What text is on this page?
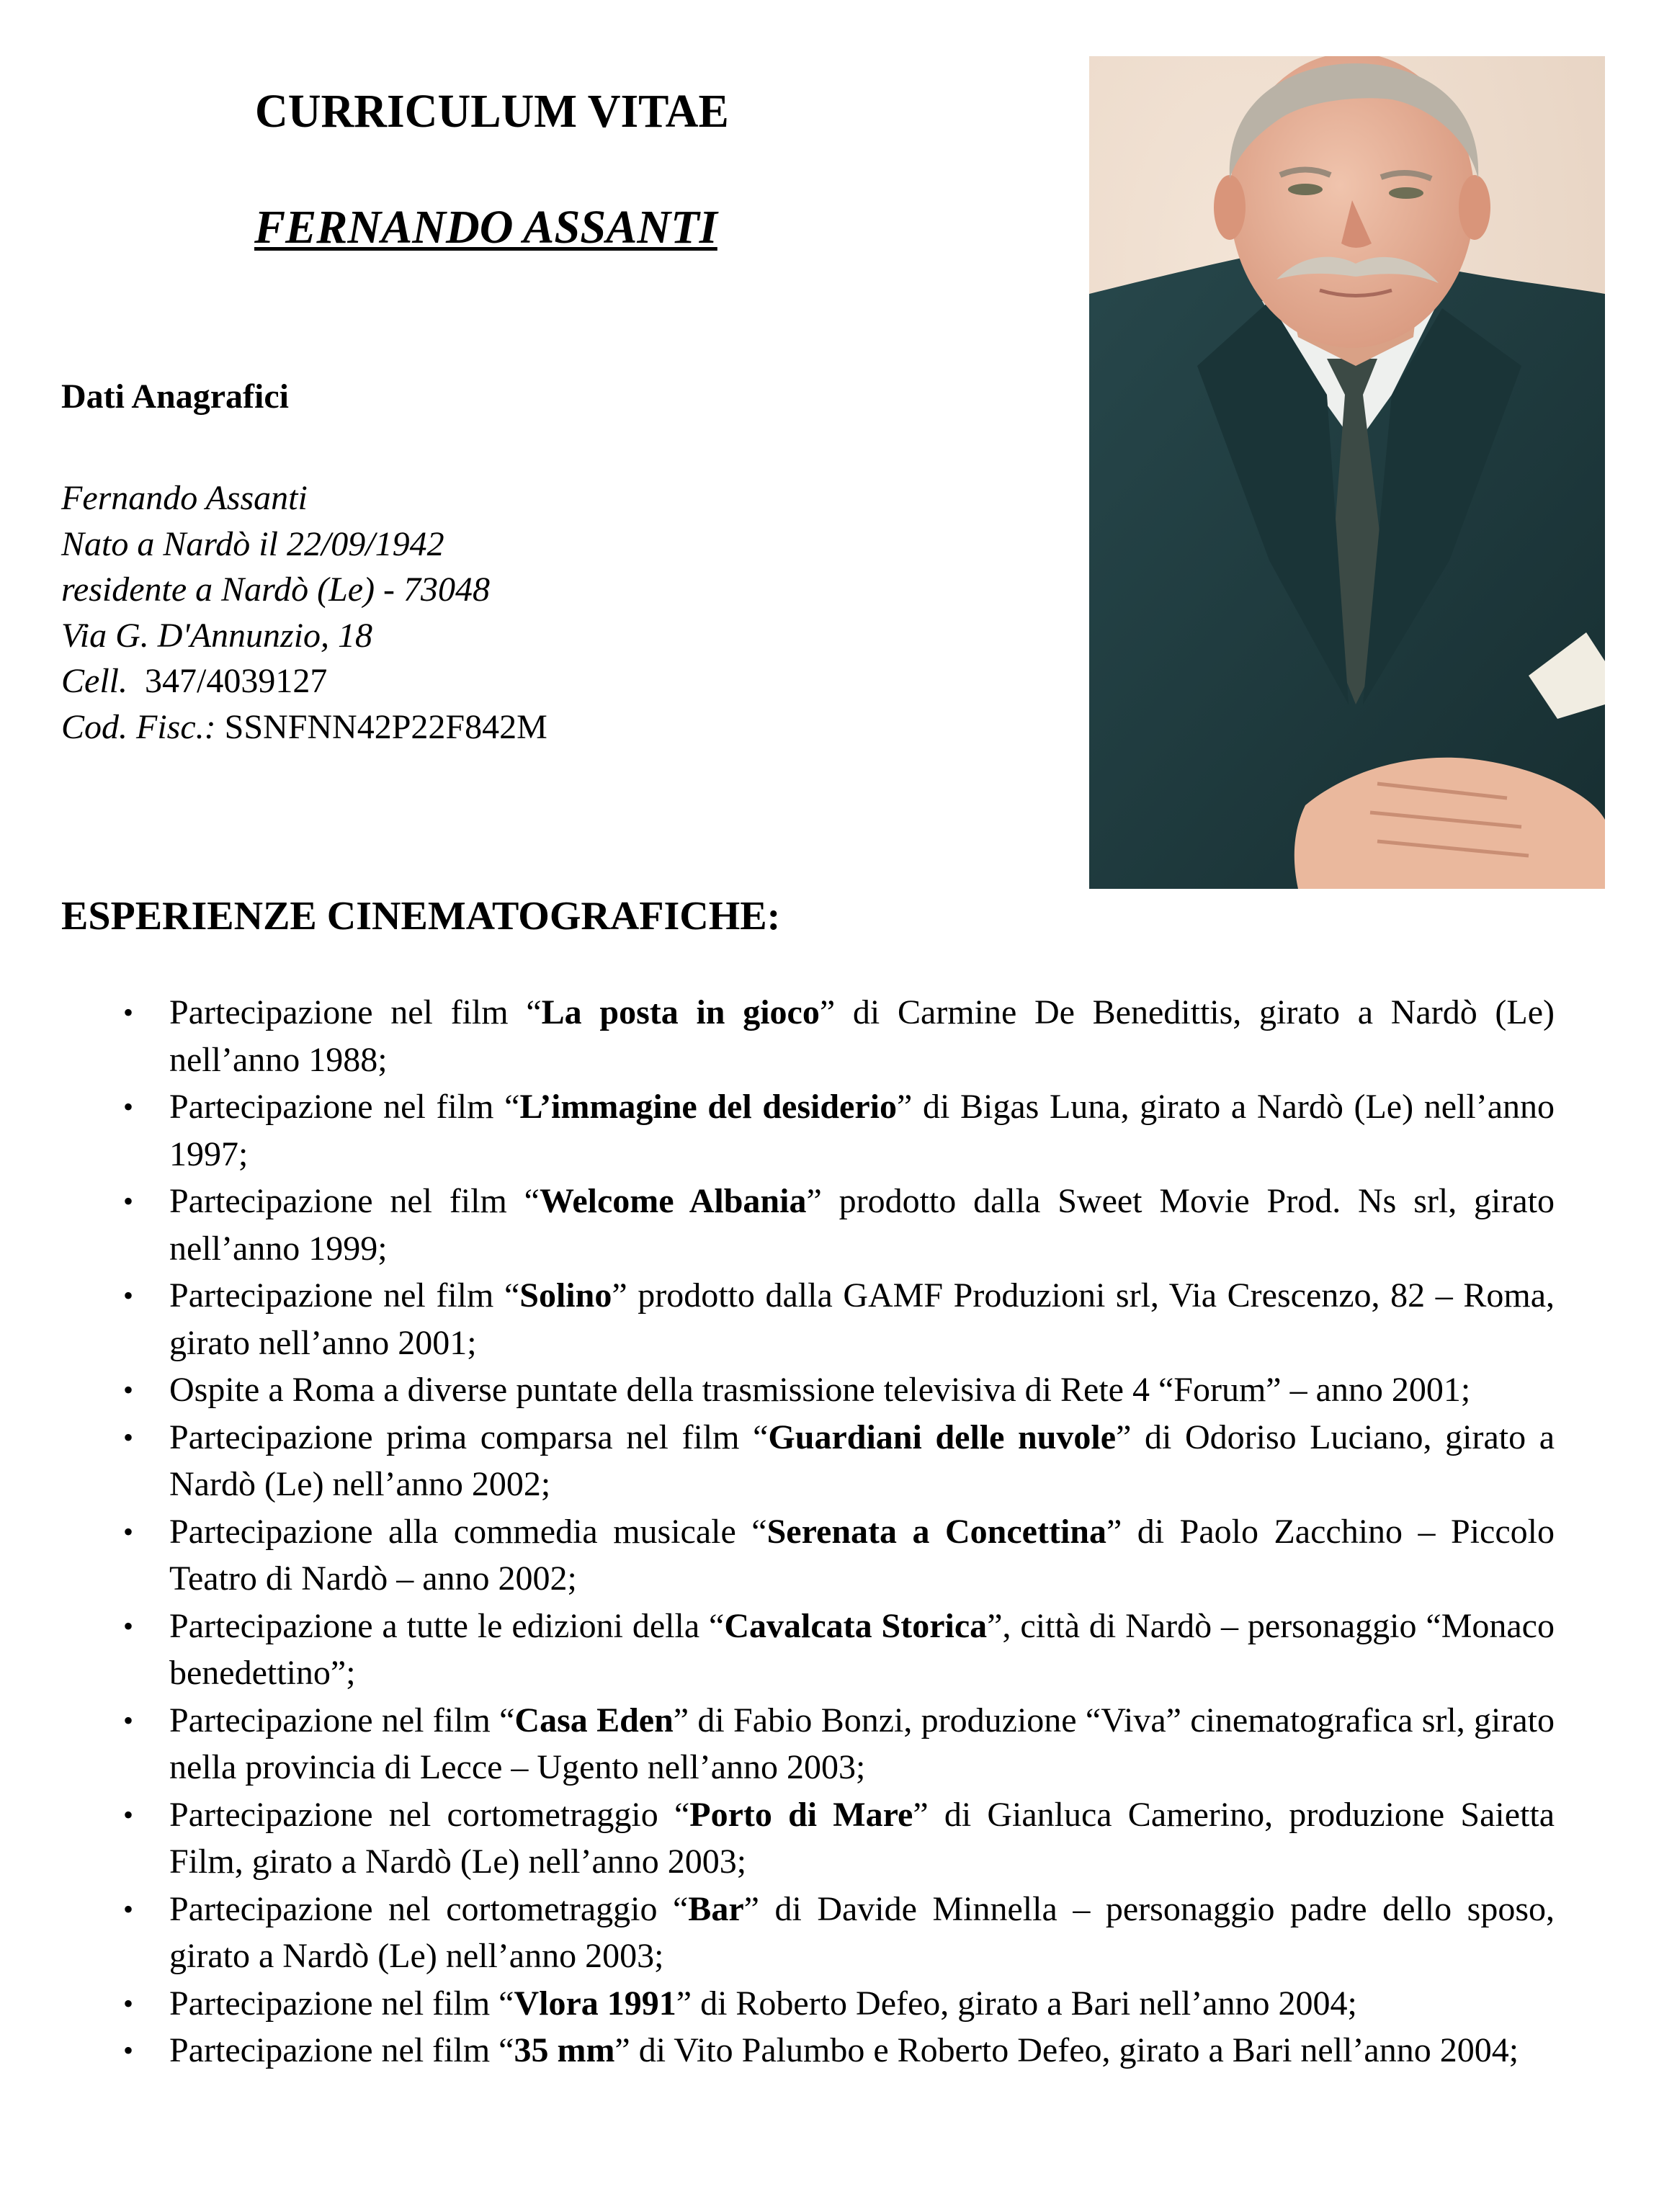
CURRICULUM VITAE
FERNANDO ASSANTI
Dati Anagrafici
Fernando Assanti
Nato a Nardò il 22/09/1942
residente a Nardò (Le) - 73048
Via G. D'Annunzio, 18
Cell. 347/4039127
Cod. Fisc.: SSNFNN42P22F842M
ESPERIENZE CINEMATOGRAFICHE:
• Partecipazione nel film “La posta in gioco” di Carmine De Benedittis, girato a Nardò (Le) nell’anno 1988;
• Partecipazione nel film “L’immagine del desiderio” di Bigas Luna, girato a Nardò (Le) nell’anno 1997;
• Partecipazione nel film “Welcome Albania” prodotto dalla Sweet Movie Prod. Ns srl, girato nell’anno 1999;
• Partecipazione nel film “Solino” prodotto dalla GAMF Produzioni srl, Via Crescenzo, 82 – Roma, girato nell’anno 2001;
• Ospite a Roma a diverse puntate della trasmissione televisiva di Rete 4 “Forum” – anno 2001;
• Partecipazione prima comparsa nel film “Guardiani delle nuvole” di Odoriso Luciano, girato a Nardò (Le) nell’anno 2002;
• Partecipazione alla commedia musicale “Serenata a Concettina” di Paolo Zacchino – Piccolo Teatro di Nardò – anno 2002;
• Partecipazione a tutte le edizioni della “Cavalcata Storica”, città di Nardò – personaggio “Monaco benedettino”;
• Partecipazione nel film “Casa Eden” di Fabio Bonzi, produzione “Viva” cinematografica srl, girato nella provincia di Lecce – Ugento nell’anno 2003;
• Partecipazione nel cortometraggio “Porto di Mare” di Gianluca Camerino, produzione Saietta Film, girato a Nardò (Le) nell’anno 2003;
• Partecipazione nel cortometraggio “Bar” di Davide Minnella – personaggio padre dello sposo, girato a Nardò (Le) nell’anno 2003;
• Partecipazione nel film “Vlora 1991” di Roberto Defeo, girato a Bari nell’anno 2004;
• Partecipazione nel film “35 mm” di Vito Palumbo e Roberto Defeo, girato a Bari nell’anno 2004;
